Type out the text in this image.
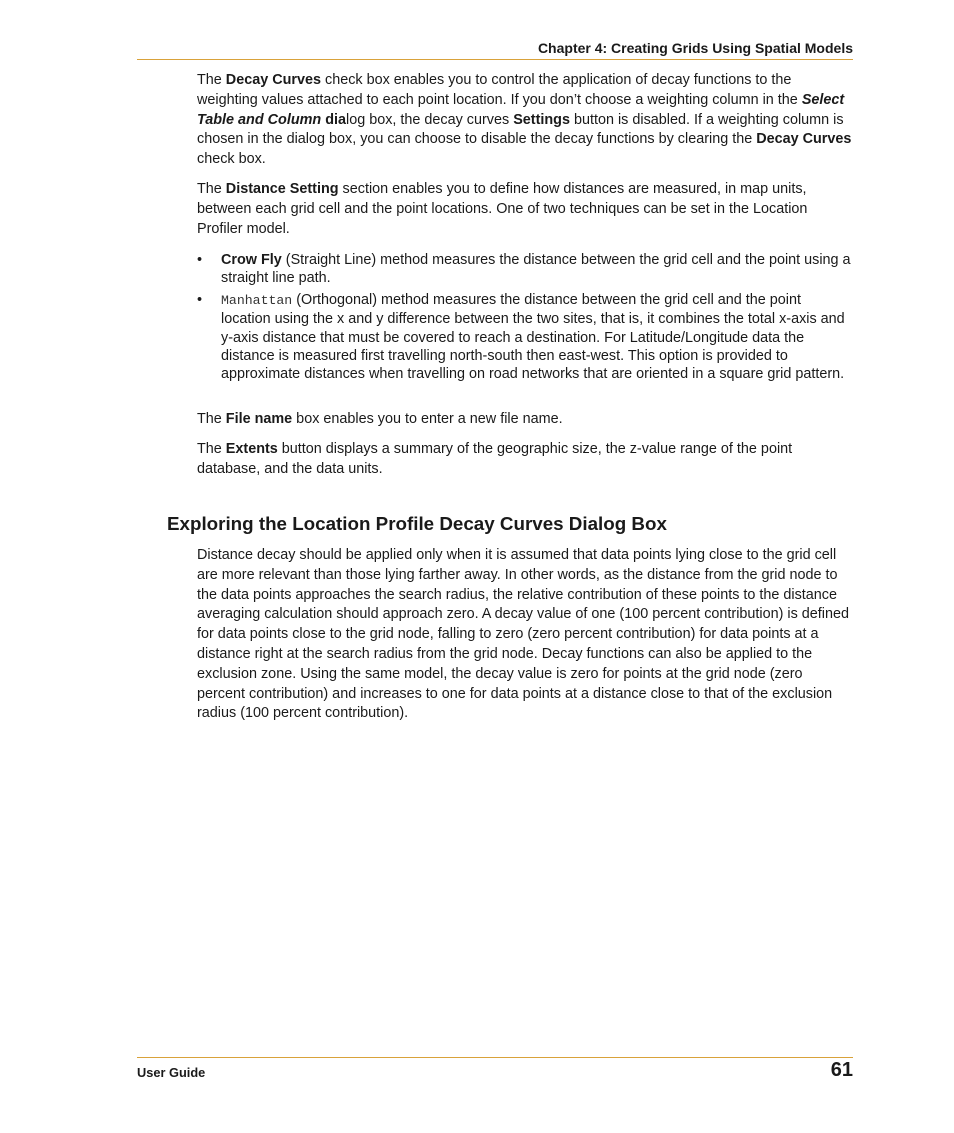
Chapter 4: Creating Grids Using Spatial Models

The Decay Curves check box enables you to control the application of decay functions to the weighting values attached to each point location. If you don’t choose a weighting column in the Select Table and Column dialog box, the decay curves Settings button is disabled. If a weighting column is chosen in the dialog box, you can choose to disable the decay functions by clearing the Decay Curves check box.

The Distance Setting section enables you to define how distances are measured, in map units, between each grid cell and the point locations. One of two techniques can be set in the Location Profiler model.

• Crow Fly (Straight Line) method measures the distance between the grid cell and the point using a straight line path.
• Manhattan (Orthogonal) method measures the distance between the grid cell and the point location using the x and y difference between the two sites, that is, it combines the total x-axis and y-axis distance that must be covered to reach a destination. For Latitude/Longitude data the distance is measured first travelling north-south then east-west. This option is provided to approximate distances when travelling on road networks that are oriented in a square grid pattern.

The File name box enables you to enter a new file name.

The Extents button displays a summary of the geographic size, the z-value range of the point database, and the data units.

Exploring the Location Profile Decay Curves Dialog Box

Distance decay should be applied only when it is assumed that data points lying close to the grid cell are more relevant than those lying farther away. In other words, as the distance from the grid node to the data points approaches the search radius, the relative contribution of these points to the distance averaging calculation should approach zero. A decay value of one (100 percent contribution) is defined for data points close to the grid node, falling to zero (zero percent contribution) for data points at a distance right at the search radius from the grid node. Decay functions can also be applied to the exclusion zone. Using the same model, the decay value is zero for points at the grid node (zero percent contribution) and increases to one for data points at a distance close to that of the exclusion radius (100 percent contribution).

User Guide	61
